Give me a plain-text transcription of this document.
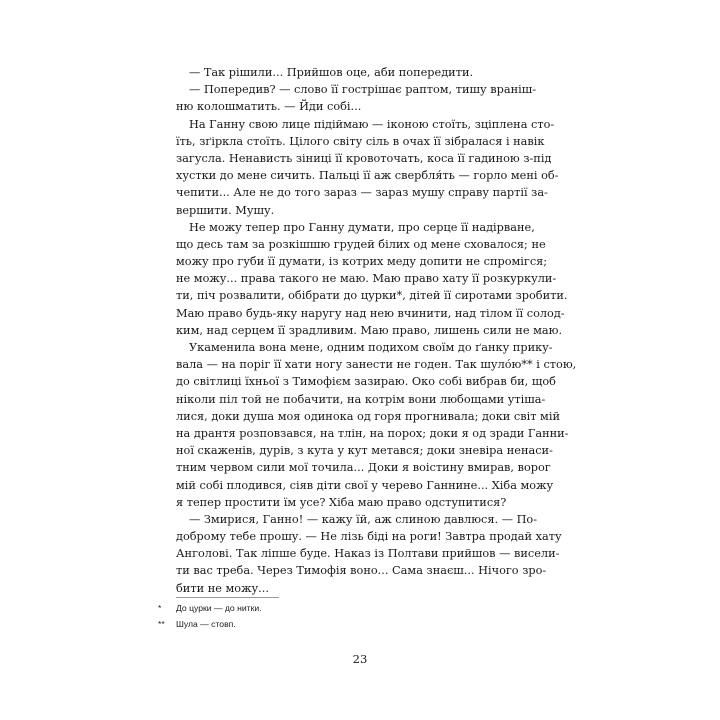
— Так рішили... Прийшов оце, аби попередити.
— Попередив? — слово її гострішає раптом, тишу враніш-
ню колошматить. — Йди собі...
На Ганну свою лице підіймаю — іконою стоїть, зціплена сто-
їть, зґіркла стоїть. Цілого світу сіль в очах її зібралася і навік
загусла. Ненависть зіниці її кровоточать, коса її гадиною з-під
хустки до мене сичить. Пальці її аж свербля́ть — горло мені об-
чепити... Але не до того зараз — зараз мушу справу партії за-
вершити. Мушу.
Не можу тепер про Ганну думати, про серце її надірване,
що десь там за розкішшю грудей білих од мене сховалося; не
можу про губи її думати, із котрих меду допити не спромігся;
не можу... права такого не маю. Маю право хату її розкуркули-
ти, піч розвалити, обібрати до цурки*, дітей її сиротами зробити.
Маю право будь-яку наругу над нею вчинити, над тілом її солод-
ким, над серцем її зрадливим. Маю право, лишень сили не маю.
Укаменила вона мене, одним подихом своїм до ґанку прику-
вала — на поріг її хати ногу занести не годен. Так шуло́ю** і стою,
до світлиці їхньої з Тимофієм зазираю. Око собі вибрав би, щоб
ніколи піл той не побачити, на котрім вони любощами утіша-
лися, доки душа моя одинока од горя прогнивала; доки світ мій
на дрантя розповзався, на тлін, на порох; доки я од зради Ганни-
ної скаженів, дурів, з кута у кут метався; доки зневіра ненаси-
тним червом сили мої точила... Доки я воістину вмирав, ворог
мій собі плодився, сіяв діти свої у черево Ганнине... Хіба можу
я тепер простити їм усе? Хіба маю право одступитися?
— Змирися, Ганно! — кажу їй, аж слиною давлюся. — По-
доброму тебе прошу. — Не лізь біді на роги! Завтра продай хату
Анголові. Так ліпше буде. Наказ із Полтави прийшов — висели-
ти вас треба. Через Тимофія воно... Сама знаєш... Нічого зро-
бити не можу...
*	До цурки — до нитки.
**	Шула — стовп.
23
